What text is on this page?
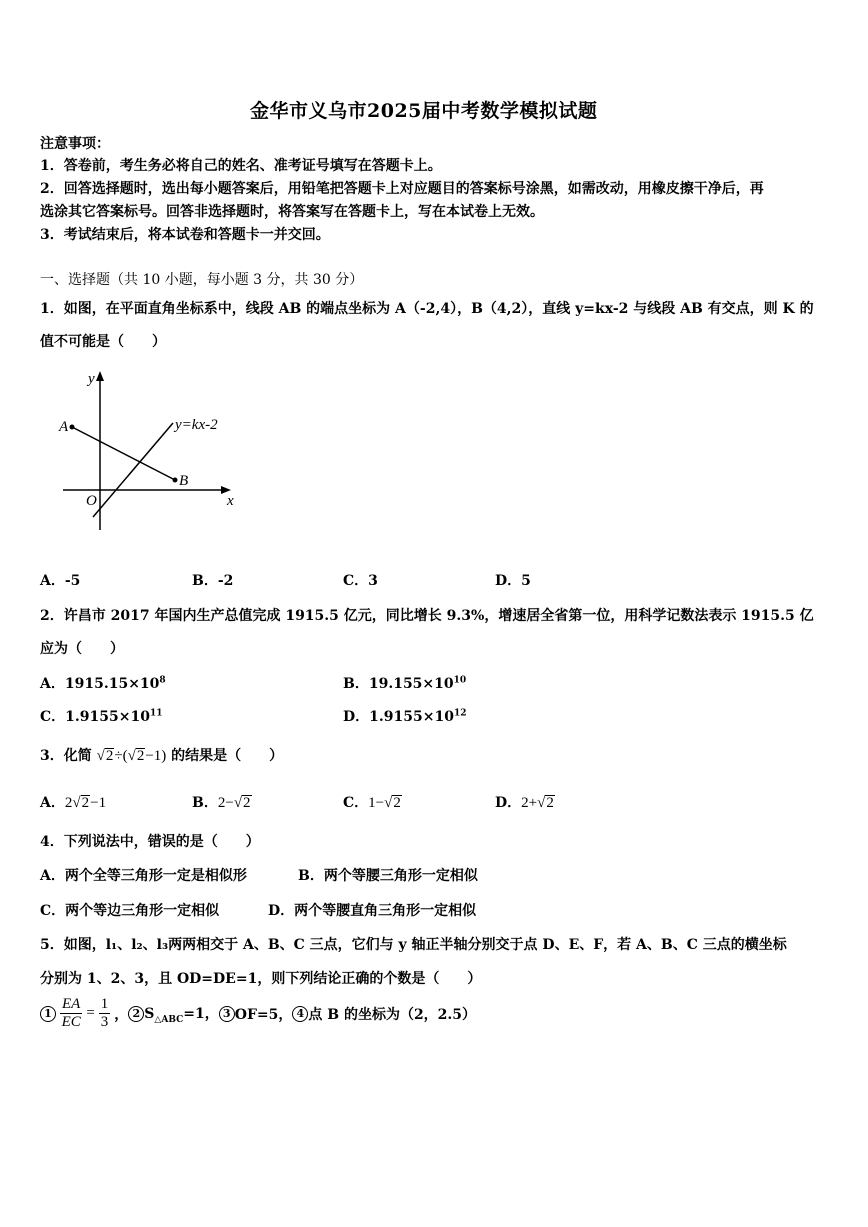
金华市义乌市2025届中考数学模拟试题
注意事项：
1．答卷前，考生务必将自己的姓名、准考证号填写在答题卡上。
2．回答选择题时，选出每小题答案后，用铅笔把答题卡上对应题目的答案标号涂黑，如需改动，用橡皮擦干净后，再
选涂其它答案标号。回答非选择题时，将答案写在答题卡上，写在本试卷上无效。
3．考试结束后，将本试卷和答题卡一并交回。
一、选择题（共 10 小题，每小题 3 分，共 30 分）
1．如图，在平面直角坐标系中，线段 AB 的端点坐标为 A（-2,4），B（4,2），直线 y=kx-2 与线段 AB 有交点，则 K 的
值不可能是（　　）
y
x
O
A
B
y=kx-2
A．-5	B．-2	C．3	D．5
2．许昌市 2017 年国内生产总值完成 1915.5 亿元，同比增长 9.3%，增速居全省第一位，用科学记数法表示 1915.5 亿
应为（　　）
A．$1915.15\times 10^8$	B．$19.155\times 10^{10}$
C．$1.9155\times 10^{11}$	D．$1.9155\times 10^{12}$
3．化简 √2÷(√2−1) 的结果是（　　）
A．2√2−1	B．2−√2	C．1−√2	D．2+√2
4．下列说法中，错误的是（　　）
A．两个全等三角形一定是相似形	B．两个等腰三角形一定相似
C．两个等边三角形一定相似	D．两个等腰直角三角形一定相似
5．如图，l₁、l₂、l₃两两相交于 A、B、C 三点，它们与 y 轴正半轴分别交于点 D、E、F，若 A、B、C 三点的横坐标
分别为 1、2、3，且 OD=DE=1，则下列结论正确的个数是（　　）
$1 \frac{EA}{EC} = \frac{1}{3}$ ， 2 $S_{\triangle ABC}=1$， 3 OF=5， 4 点 B 的坐标为（2，2.5）
